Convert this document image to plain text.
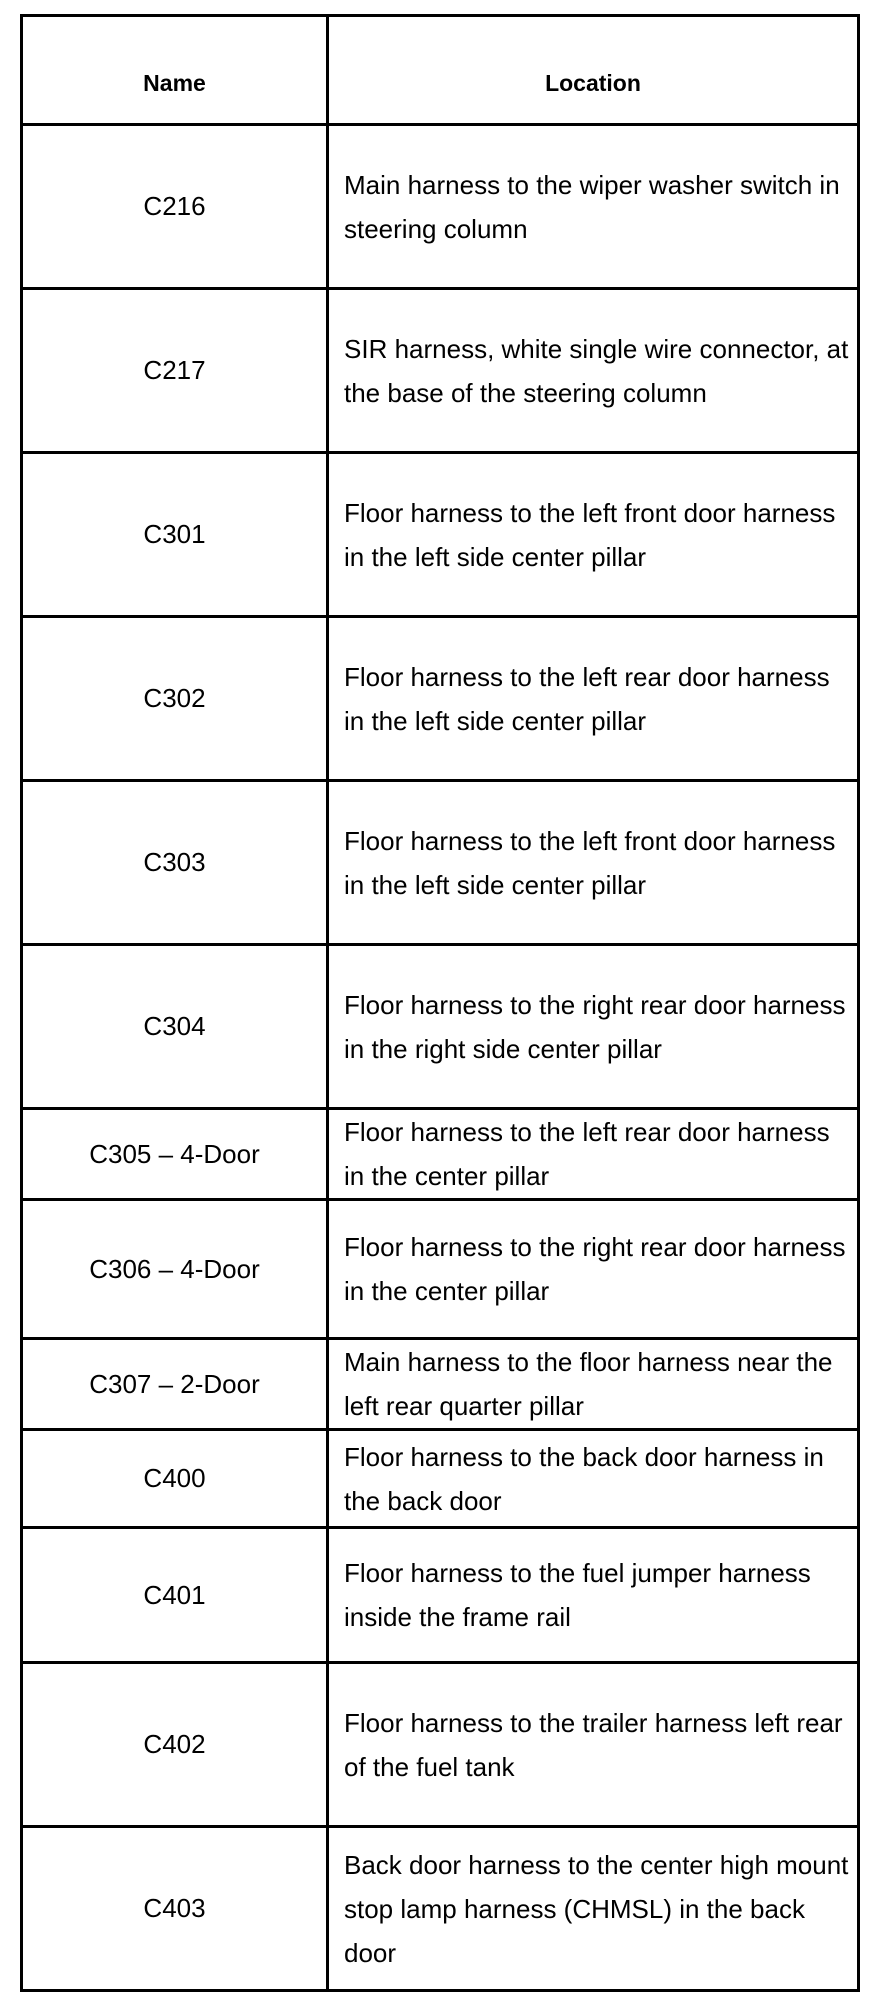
Name	Location
C216	Main harness to the wiper washer switch in steering column
C217	SIR harness, white single wire connector, at the base of the steering column
C301	Floor harness to the left front door harness in the left side center pillar
C302	Floor harness to the left rear door harness in the left side center pillar
C303	Floor harness to the left front door harness in the left side center pillar
C304	Floor harness to the right rear door harness in the right side center pillar
C305 – 4-Door	Floor harness to the left rear door harness in the center pillar
C306 – 4-Door	Floor harness to the right rear door harness in the center pillar
C307 – 2-Door	Main harness to the floor harness near the left rear quarter pillar
C400	Floor harness to the back door harness in the back door
C401	Floor harness to the fuel jumper harness inside the frame rail
C402	Floor harness to the trailer harness left rear of the fuel tank
C403	Back door harness to the center high mount stop lamp harness (CHMSL) in the back door
